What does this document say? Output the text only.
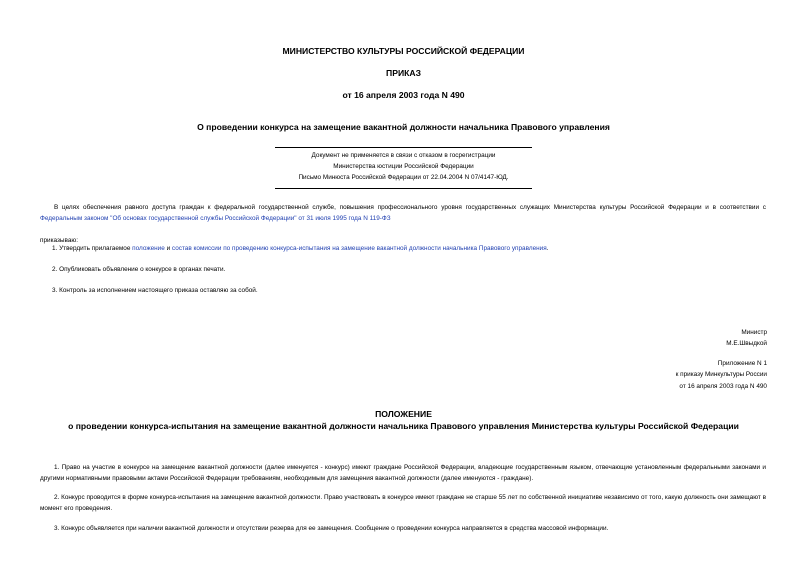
МИНИСТЕРСТВО КУЛЬТУРЫ РОССИЙСКОЙ ФЕДЕРАЦИИ
ПРИКАЗ
от 16 апреля 2003 года N 490
О проведении конкурса на замещение вакантной должности начальника Правового управления
Документ не применяется в связи с отказом в госрегистрации
Министерства юстиции Российской Федерации
Письмо Минюста Российской Федерации от 22.04.2004 N 07/4147-ЮД.
В целях обеспечения равного доступа граждан к федеральной государственной службе, повышения профессионального уровня государственных служащих Министерства культуры Российской Федерации и в соответствии с Федеральным законом "Об основах государственной службы Российской Федерации" от 31 июля 1995 года N 119-ФЗ
приказываю:
1. Утвердить прилагаемое положение и состав комиссии по проведению конкурса-испытания на замещение вакантной должности начальника Правового управления.
2. Опубликовать объявление о конкурсе в органах печати.
3. Контроль за исполнением настоящего приказа оставляю за собой.
Министр
М.Е.Швыдкой
Приложение N 1
к приказу Минкультуры России
от 16 апреля 2003 года N 490
ПОЛОЖЕНИЕ
о проведении конкурса-испытания на замещение вакантной должности начальника Правового управления Министерства культуры Российской Федерации
1. Право на участие в конкурсе на замещение вакантной должности (далее именуется - конкурс) имеют граждане Российской Федерации, владеющие государственным языком, отвечающие установленным федеральными законами и другими нормативными правовыми актами Российской Федерации требованиям, необходимым для замещения вакантной должности (далее именуются - граждане).
2. Конкурс проводится в форме конкурса-испытания на замещение вакантной должности. Право участвовать в конкурсе имеют граждане не старше 55 лет по собственной инициативе независимо от того, какую должность они замещают в момент его проведения.
3. Конкурс объявляется при наличии вакантной должности и отсутствии резерва для ее замещения. Сообщение о проведении конкурса направляется в средства массовой информации.
